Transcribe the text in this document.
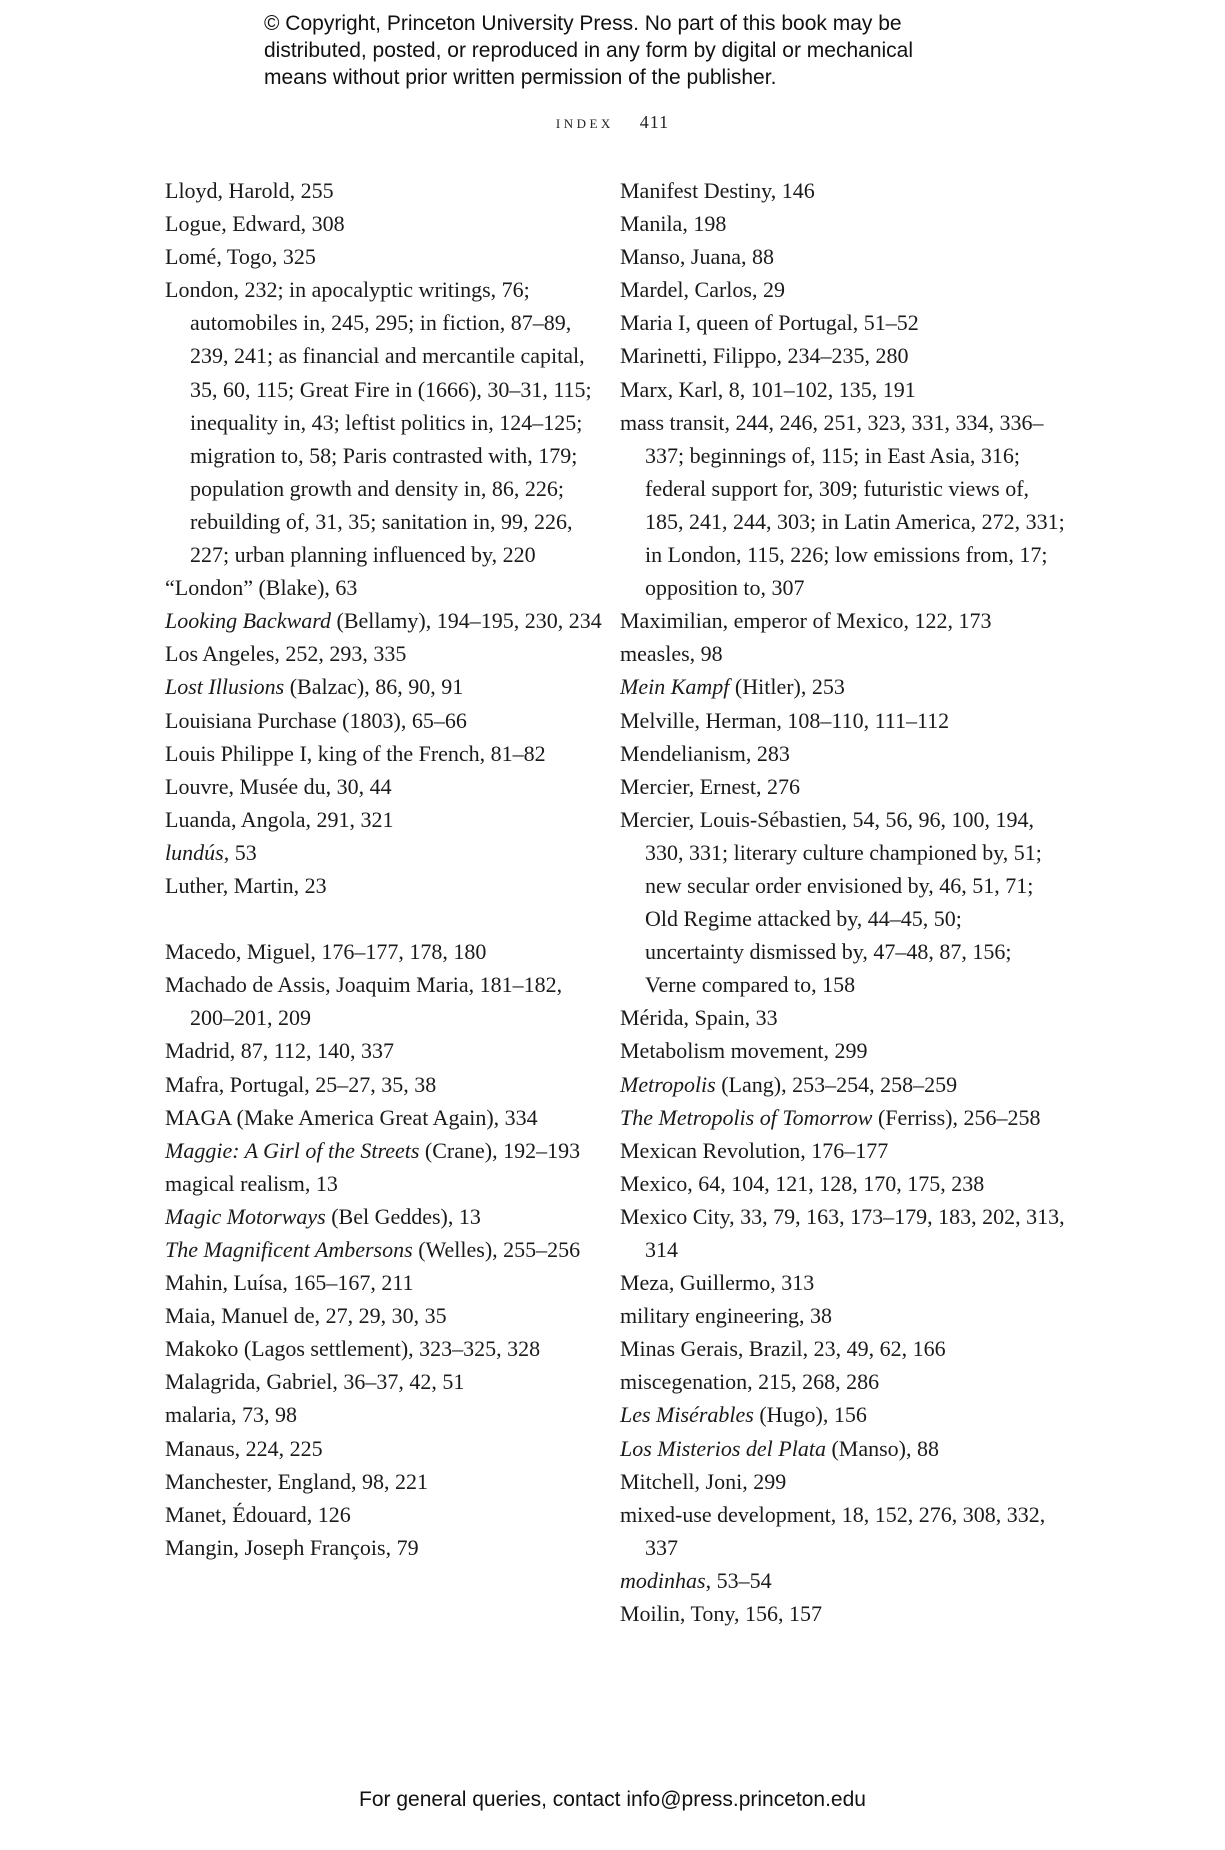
© Copyright, Princeton University Press. No part of this book may be
distributed, posted, or reproduced in any form by digital or mechanical
means without prior written permission of the publisher.
index 411

Lloyd, Harold, 255

Logue, Edward, 308

Lomé, Togo, 325

London, 232; in apocalyptic writings, 76; automobiles in, 245, 295; in fiction, 87–89, 239, 241; as financial and mercantile capital, 35, 60, 115; Great Fire in (1666), 30–31, 115; inequality in, 43; leftist politics in, 124–125; migration to, 58; Paris contrasted with, 179; population growth and density in, 86, 226; rebuilding of, 31, 35; sanitation in, 99, 226, 227; urban planning influenced by, 220

“London” (Blake), 63

Looking Backward (Bellamy), 194–195, 230, 234

Los Angeles, 252, 293, 335

Lost Illusions (Balzac), 86, 90, 91

Louisiana Purchase (1803), 65–66

Louis Philippe I, king of the French, 81–82

Louvre, Musée du, 30, 44

Luanda, Angola, 291, 321

lundús, 53

Luther, Martin, 23

Macedo, Miguel, 176–177, 178, 180

Machado de Assis, Joaquim Maria, 181–182, 200–201, 209

Madrid, 87, 112, 140, 337

Mafra, Portugal, 25–27, 35, 38

MAGA (Make America Great Again), 334

Maggie: A Girl of the Streets (Crane), 192–193

magical realism, 13

Magic Motorways (Bel Geddes), 13

The Magnificent Ambersons (Welles), 255–256

Mahin, Luísa, 165–167, 211

Maia, Manuel de, 27, 29, 30, 35

Makoko (Lagos settlement), 323–325, 328

Malagrida, Gabriel, 36–37, 42, 51

malaria, 73, 98

Manaus, 224, 225

Manchester, England, 98, 221

Manet, Édouard, 126

Mangin, Joseph François, 79

Manifest Destiny, 146

Manila, 198

Manso, Juana, 88

Mardel, Carlos, 29

Maria I, queen of Portugal, 51–52

Marinetti, Filippo, 234–235, 280

Marx, Karl, 8, 101–102, 135, 191

mass transit, 244, 246, 251, 323, 331, 334, 336–337; beginnings of, 115; in East Asia, 316; federal support for, 309; futuristic views of, 185, 241, 244, 303; in Latin America, 272, 331; in London, 115, 226; low emissions from, 17; opposition to, 307

Maximilian, emperor of Mexico, 122, 173

measles, 98

Mein Kampf (Hitler), 253

Melville, Herman, 108–110, 111–112

Mendelianism, 283

Mercier, Ernest, 276

Mercier, Louis-Sébastien, 54, 56, 96, 100, 194, 330, 331; literary culture championed by, 51; new secular order envisioned by, 46, 51, 71; Old Regime attacked by, 44–45, 50; uncertainty dismissed by, 47–48, 87, 156; Verne compared to, 158

Mérida, Spain, 33

Metabolism movement, 299

Metropolis (Lang), 253–254, 258–259

The Metropolis of Tomorrow (Ferriss), 256–258

Mexican Revolution, 176–177

Mexico, 64, 104, 121, 128, 170, 175, 238

Mexico City, 33, 79, 163, 173–179, 183, 202, 313, 314

Meza, Guillermo, 313

military engineering, 38

Minas Gerais, Brazil, 23, 49, 62, 166

miscegenation, 215, 268, 286

Les Misérables (Hugo), 156

Los Misterios del Plata (Manso), 88

Mitchell, Joni, 299

mixed-use development, 18, 152, 276, 308, 332, 337

modinhas, 53–54

Moilin, Tony, 156, 157

For general queries, contact info@press.princeton.edu
